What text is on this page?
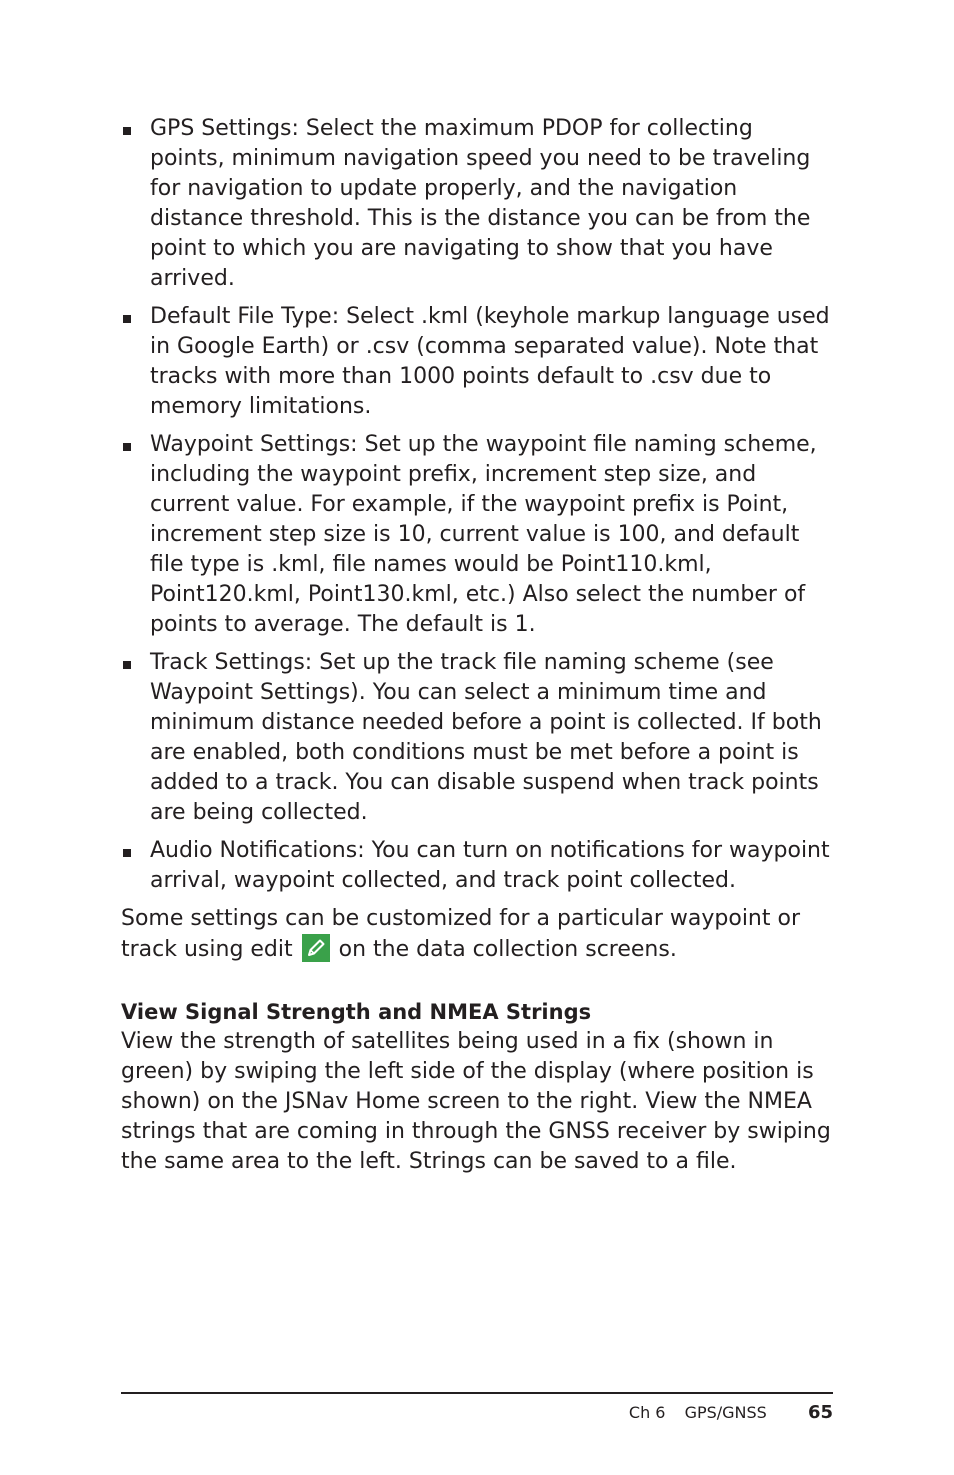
GPS Settings: Select the maximum PDOP for collecting points, minimum navigation speed you need to be traveling for navigation to update properly, and the navigation distance threshold. This is the distance you can be from the point to which you are navigating to show that you have arrived.
Default File Type: Select .kml (keyhole markup language used in Google Earth) or .csv (comma separated value). Note that tracks with more than 1000 points default to .csv due to memory limitations.
Waypoint Settings: Set up the waypoint file naming scheme, including the waypoint prefix, increment step size, and current value. For example, if the waypoint prefix is Point, increment step size is 10, current value is 100, and default file type is .kml, file names would be Point110.kml, Point120.kml, Point130.kml, etc.) Also select the number of points to average. The default is 1.
Track Settings: Set up the track file naming scheme (see Waypoint Settings). You can select a minimum time and minimum distance needed before a point is collected. If both are enabled, both conditions must be met before a point is added to a track. You can disable suspend when track points are being collected.
Audio Notifications: You can turn on notifications for waypoint arrival, waypoint collected, and track point collected.

Some settings can be customized for a particular waypoint or track using edit on the data collection screens.

View Signal Strength and NMEA Strings

View the strength of satellites being used in a fix (shown in green) by swiping the left side of the display (where position is shown) on the JSNav Home screen to the right. View the NMEA strings that are coming in through the GNSS receiver by swiping the same area to the left. Strings can be saved to a file.

Ch 6 GPS/GNSS 65
